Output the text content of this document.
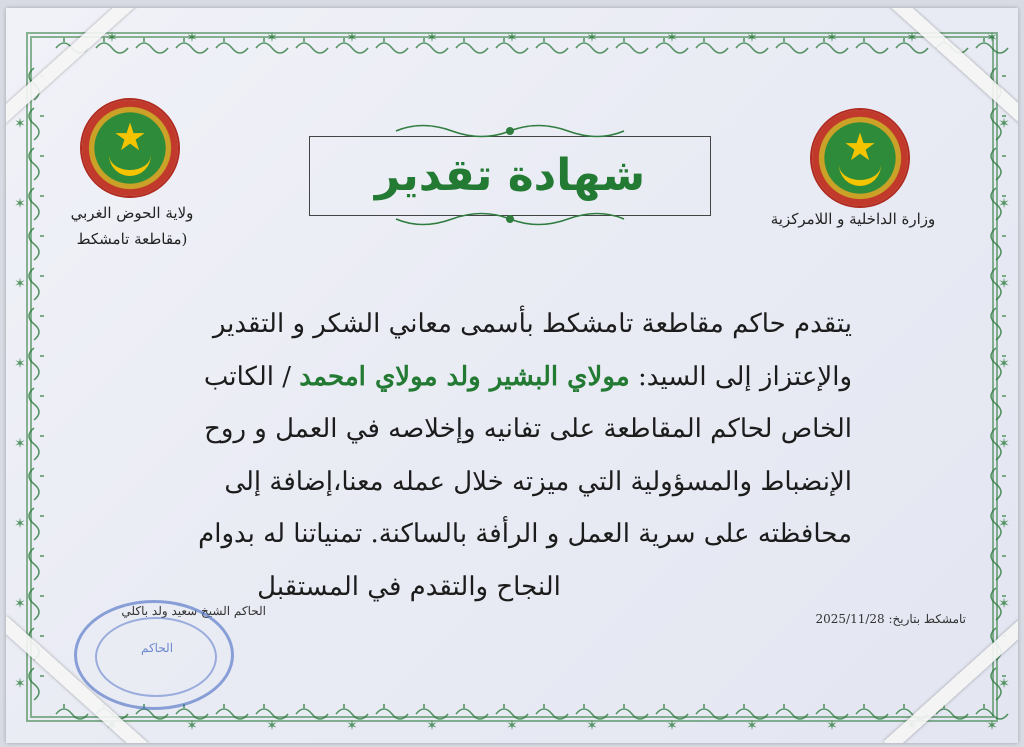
✶	✶
✶
✶
✶
✶
✶
✶
✶
✶
✶
✶
✶
✶
✶
✶
✶
✶
✶
✶	✶
✶
✶	✶
✶	✶
✶	✶
✶	✶
✶	✶
✶	✶
✶	✶
✶	✶
★	★
ولاية الحوض الغربي
(مقاطعة تامشكط
وزارة الداخلية و اللامركزية
شهادة تقدير
يتقدم حاكم مقاطعة تامشكط بأسمى معاني الشكر و التقدير
والإعتزاز إلى السيد: مولاي البشير ولد مولاي امحمد / الكاتب
الخاص لحاكم المقاطعة على تفانيه وإخلاصه في العمل و روح
الإنضباط والمسؤولية التي ميزته خلال عمله معنا،إضافة إلى
محافظته على سرية العمل و الرأفة بالساكنة. تمنياتنا له بدوام
النجاح والتقدم في المستقبل
تامشكط بتاريخ: 2025/11/28
الحاكم الشيخ سعيد ولد باكلي
الحاكم
